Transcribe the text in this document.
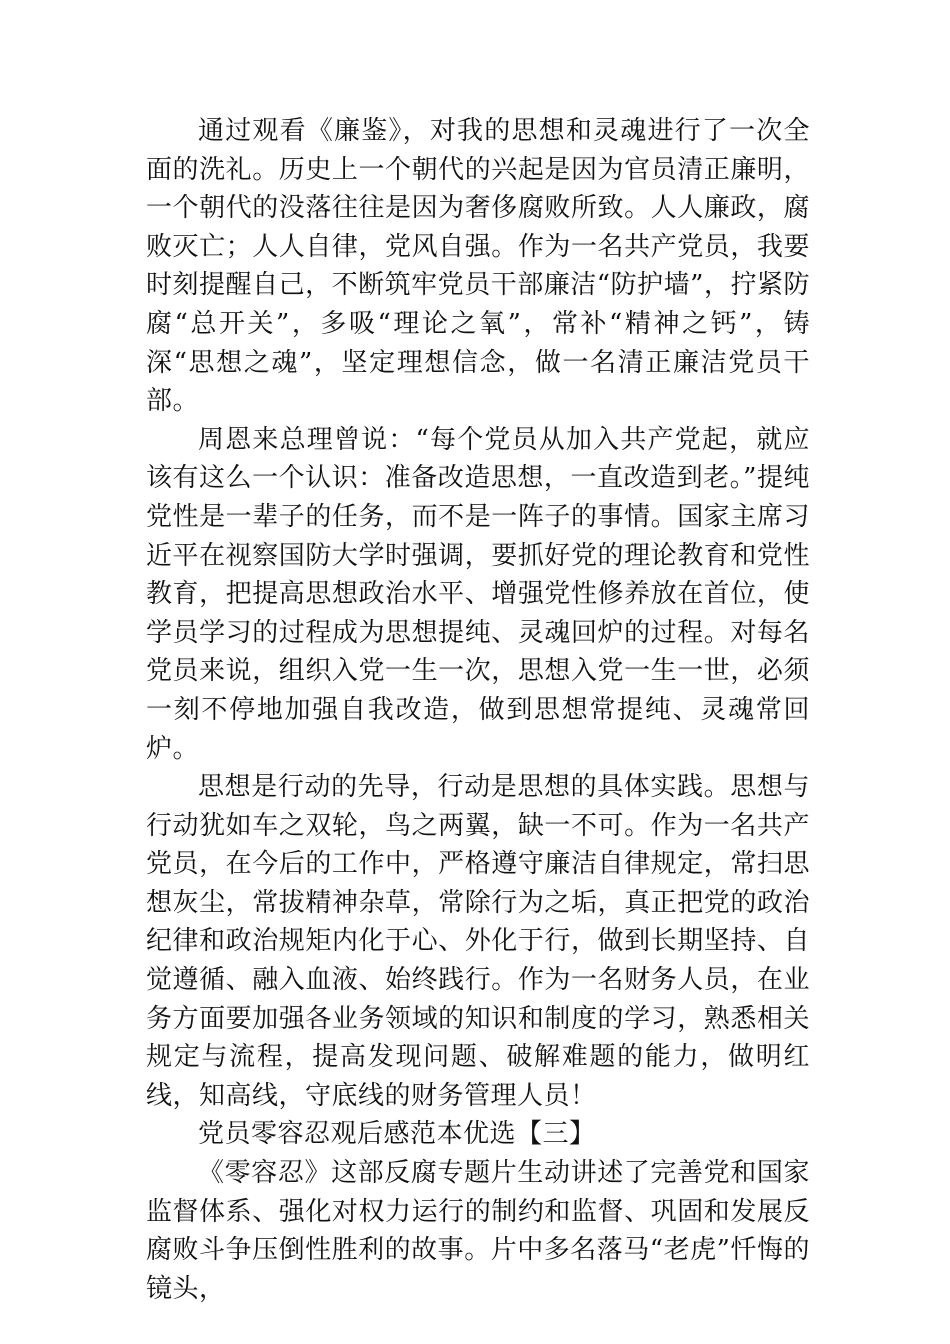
通过观看《廉鉴》，对我的思想和灵魂进行了一次全面的洗礼。历史上一个朝代的兴起是因为官员清正廉明，一个朝代的没落往往是因为奢侈腐败所致。人人廉政，腐败灭亡；人人自律，党风自强。作为一名共产党员，我要时刻提醒自己，不断筑牢党员干部廉洁“防护墙”，拧紧防腐“总开关”，多吸“理论之氧”，常补“精神之钙”，铸深“思想之魂”，坚定理想信念，做一名清正廉洁党员干部。

周恩来总理曾说：“每个党员从加入共产党起，就应该有这么一个认识：准备改造思想，一直改造到老。”提纯党性是一辈子的任务，而不是一阵子的事情。国家主席习近平在视察国防大学时强调，要抓好党的理论教育和党性教育，把提高思想政治水平、增强党性修养放在首位，使学员学习的过程成为思想提纯、灵魂回炉的过程。对每名党员来说，组织入党一生一次，思想入党一生一世，必须一刻不停地加强自我改造，做到思想常提纯、灵魂常回炉。

思想是行动的先导，行动是思想的具体实践。思想与行动犹如车之双轮，鸟之两翼，缺一不可。作为一名共产党员，在今后的工作中，严格遵守廉洁自律规定，常扫思想灰尘，常拔精神杂草，常除行为之垢，真正把党的政治纪律和政治规矩内化于心、外化于行，做到长期坚持、自觉遵循、融入血液、始终践行。作为一名财务人员，在业务方面要加强各业务领域的知识和制度的学习，熟悉相关规定与流程，提高发现问题、破解难题的能力，做明红线，知高线，守底线的财务管理人员！

党员零容忍观后感范本优选【三】

《零容忍》这部反腐专题片生动讲述了完善党和国家监督体系、强化对权力运行的制约和监督、巩固和发展反腐败斗争压倒性胜利的故事。片中多名落马“老虎”忏悔的镜头，
